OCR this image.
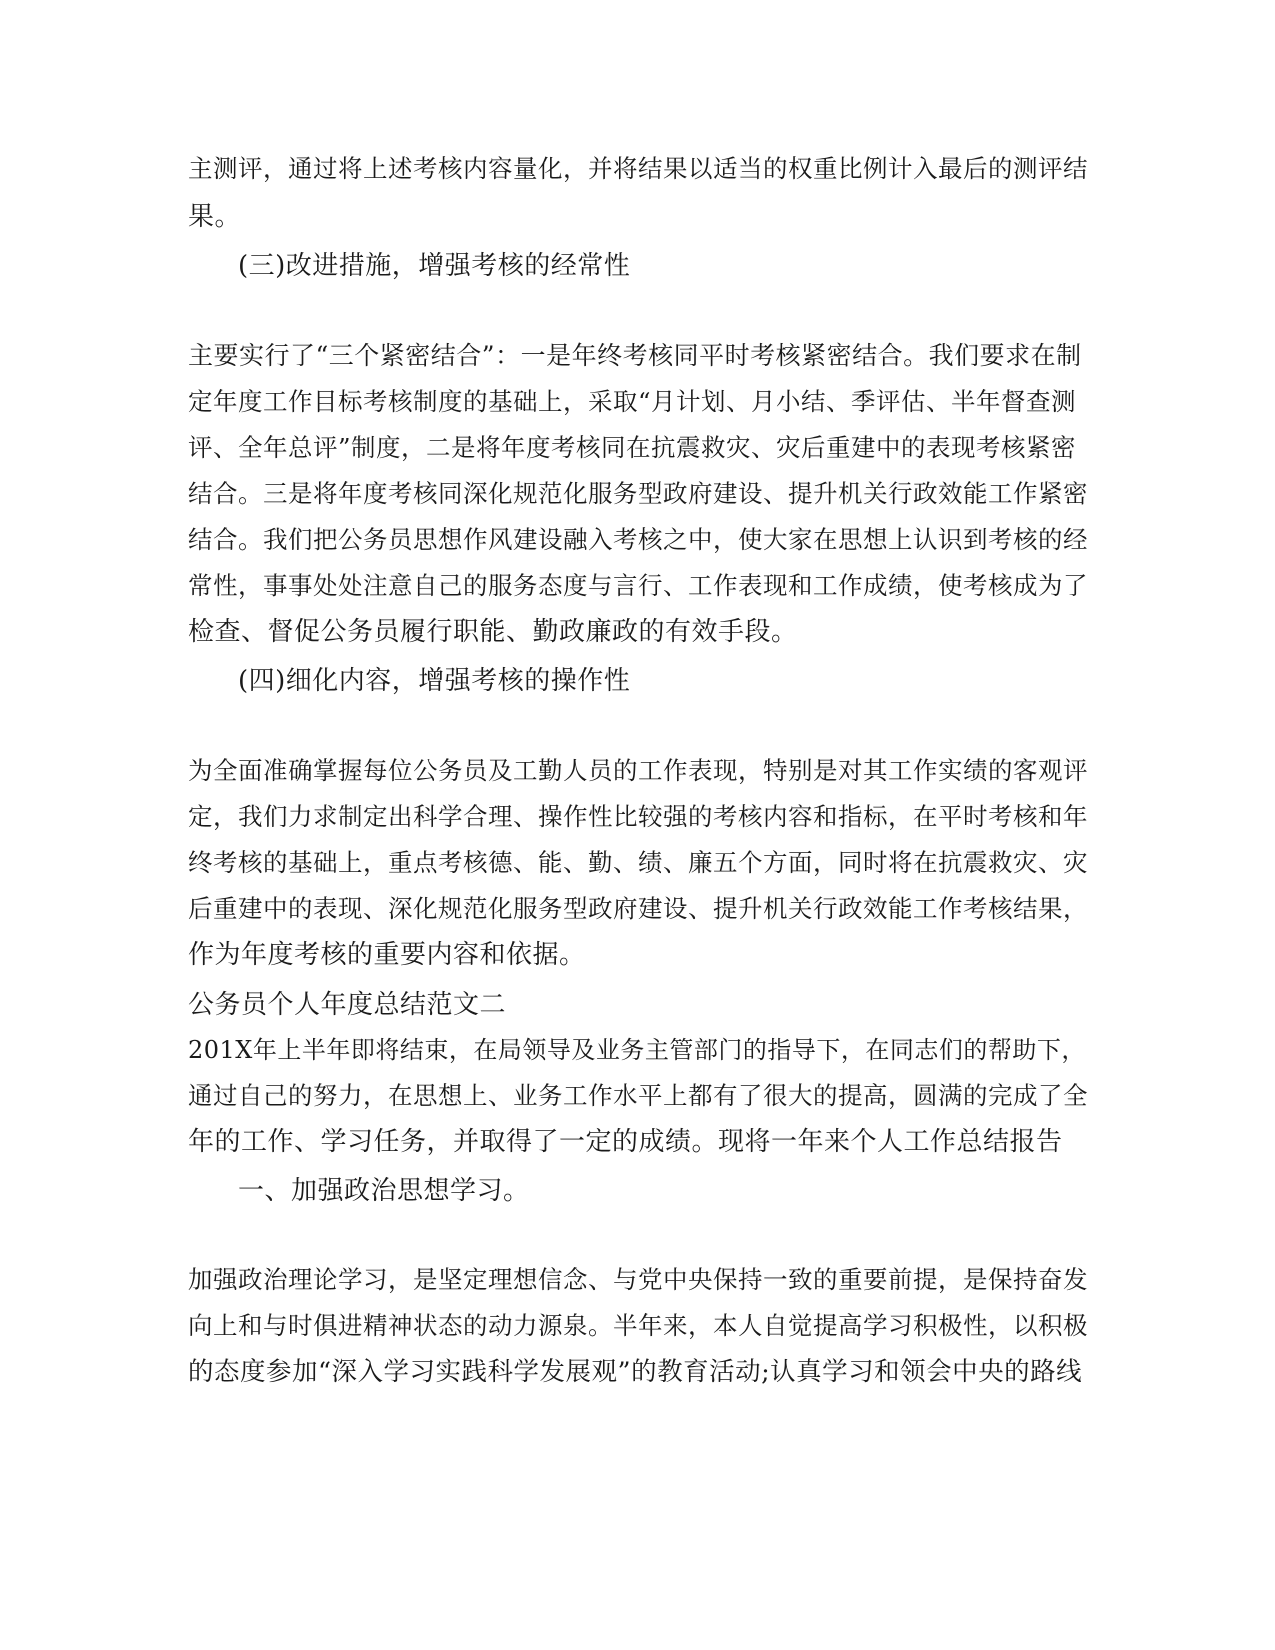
主测评，通过将上述考核内容量化，并将结果以适当的权重比例计入最后的测评结

果。

(三)改进措施，增强考核的经常性

主要实行了“三个紧密结合”：一是年终考核同平时考核紧密结合。我们要求在制

定年度工作目标考核制度的基础上，采取“月计划、月小结、季评估、半年督查测

评、全年总评”制度，二是将年度考核同在抗震救灾、灾后重建中的表现考核紧密

结合。三是将年度考核同深化规范化服务型政府建设、提升机关行政效能工作紧密

结合。我们把公务员思想作风建设融入考核之中，使大家在思想上认识到考核的经

常性，事事处处注意自己的服务态度与言行、工作表现和工作成绩，使考核成为了

检查、督促公务员履行职能、勤政廉政的有效手段。

(四)细化内容，增强考核的操作性

为全面准确掌握每位公务员及工勤人员的工作表现，特别是对其工作实绩的客观评

定，我们力求制定出科学合理、操作性比较强的考核内容和指标，在平时考核和年

终考核的基础上，重点考核德、能、勤、绩、廉五个方面，同时将在抗震救灾、灾

后重建中的表现、深化规范化服务型政府建设、提升机关行政效能工作考核结果，

作为年度考核的重要内容和依据。

公务员个人年度总结范文二

201X年上半年即将结束，在局领导及业务主管部门的指导下，在同志们的帮助下，

通过自己的努力，在思想上、业务工作水平上都有了很大的提高，圆满的完成了全

年的工作、学习任务，并取得了一定的成绩。现将一年来个人工作总结报告

一、加强政治思想学习。

加强政治理论学习，是坚定理想信念、与党中央保持一致的重要前提，是保持奋发

向上和与时俱进精神状态的动力源泉。半年来，本人自觉提高学习积极性，以积极

的态度参加“深入学习实践科学发展观”的教育活动;认真学习和领会中央的路线
